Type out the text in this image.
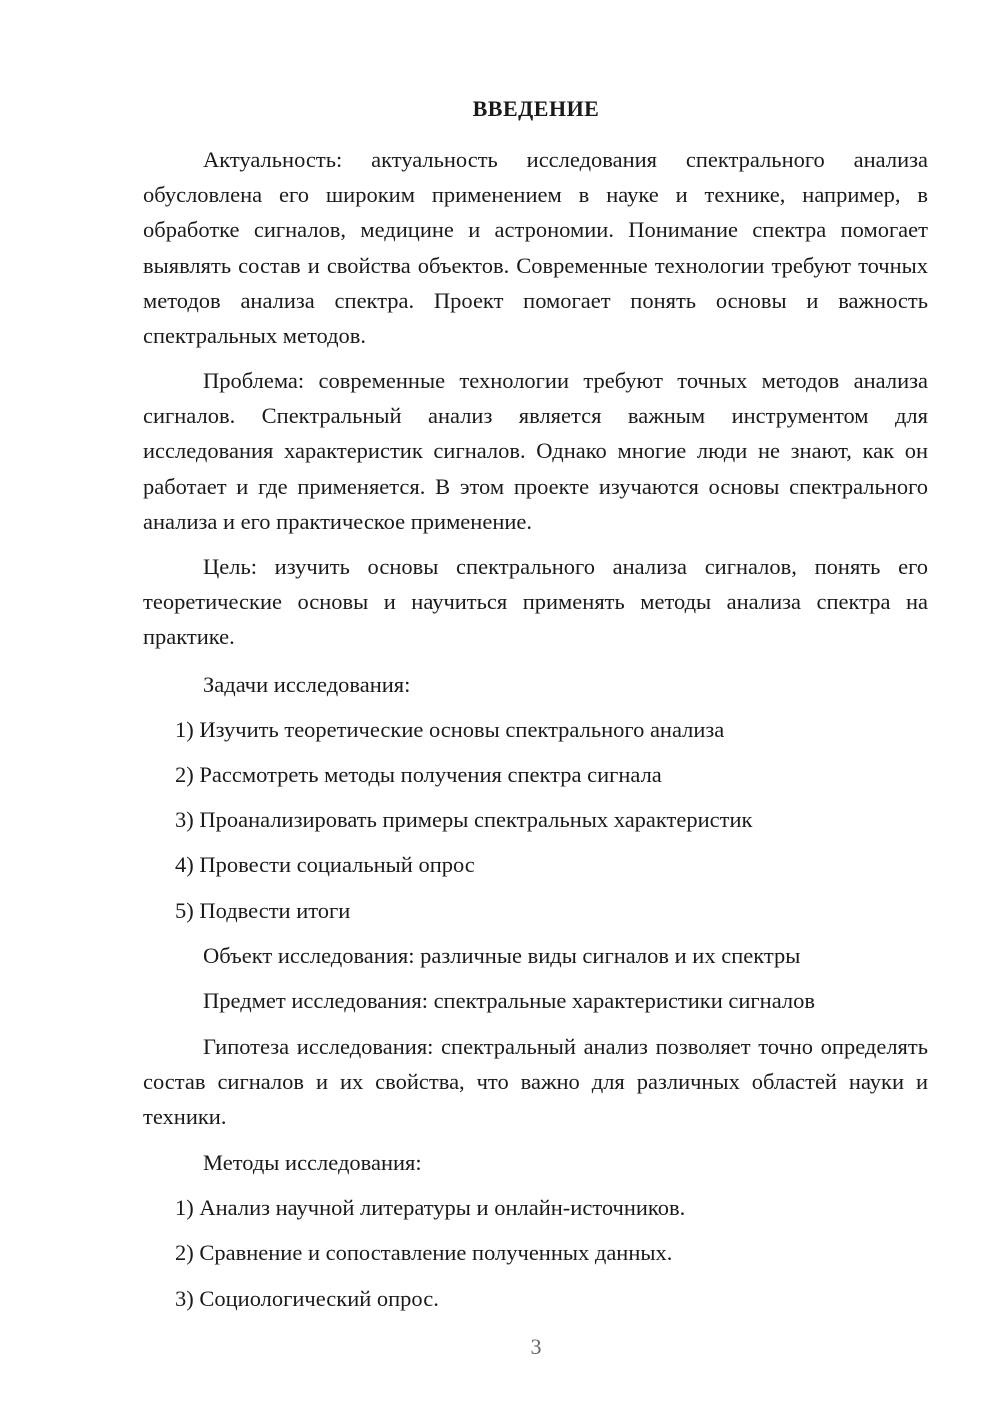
ВВЕДЕНИЕ

Актуальность: актуальность исследования спектрального анализа обусловлена его широким применением в науке и технике, например, в обработке сигналов, медицине и астрономии. Понимание спектра помогает выявлять состав и свойства объектов. Современные технологии требуют точных методов анализа спектра. Проект помогает понять основы и важность спектральных методов.

Проблема: современные технологии требуют точных методов анализа сигналов. Спектральный анализ является важным инструментом для исследования характеристик сигналов. Однако многие люди не знают, как он работает и где применяется. В этом проекте изучаются основы спектрального анализа и его практическое применение.

Цель: изучить основы спектрального анализа сигналов, понять его теоретические основы и научиться применять методы анализа спектра на практике.

Задачи исследования:

1) Изучить теоретические основы спектрального анализа

2) Рассмотреть методы получения спектра сигнала

3) Проанализировать примеры спектральных характеристик

4) Провести социальный опрос

5) Подвести итоги

Объект исследования: различные виды сигналов и их спектры

Предмет исследования: спектральные характеристики сигналов

Гипотеза исследования: спектральный анализ позволяет точно определять состав сигналов и их свойства, что важно для различных областей науки и техники.

Методы исследования:

1) Анализ научной литературы и онлайн-источников.

2) Сравнение и сопоставление полученных данных.

3) Социологический опрос.

3
